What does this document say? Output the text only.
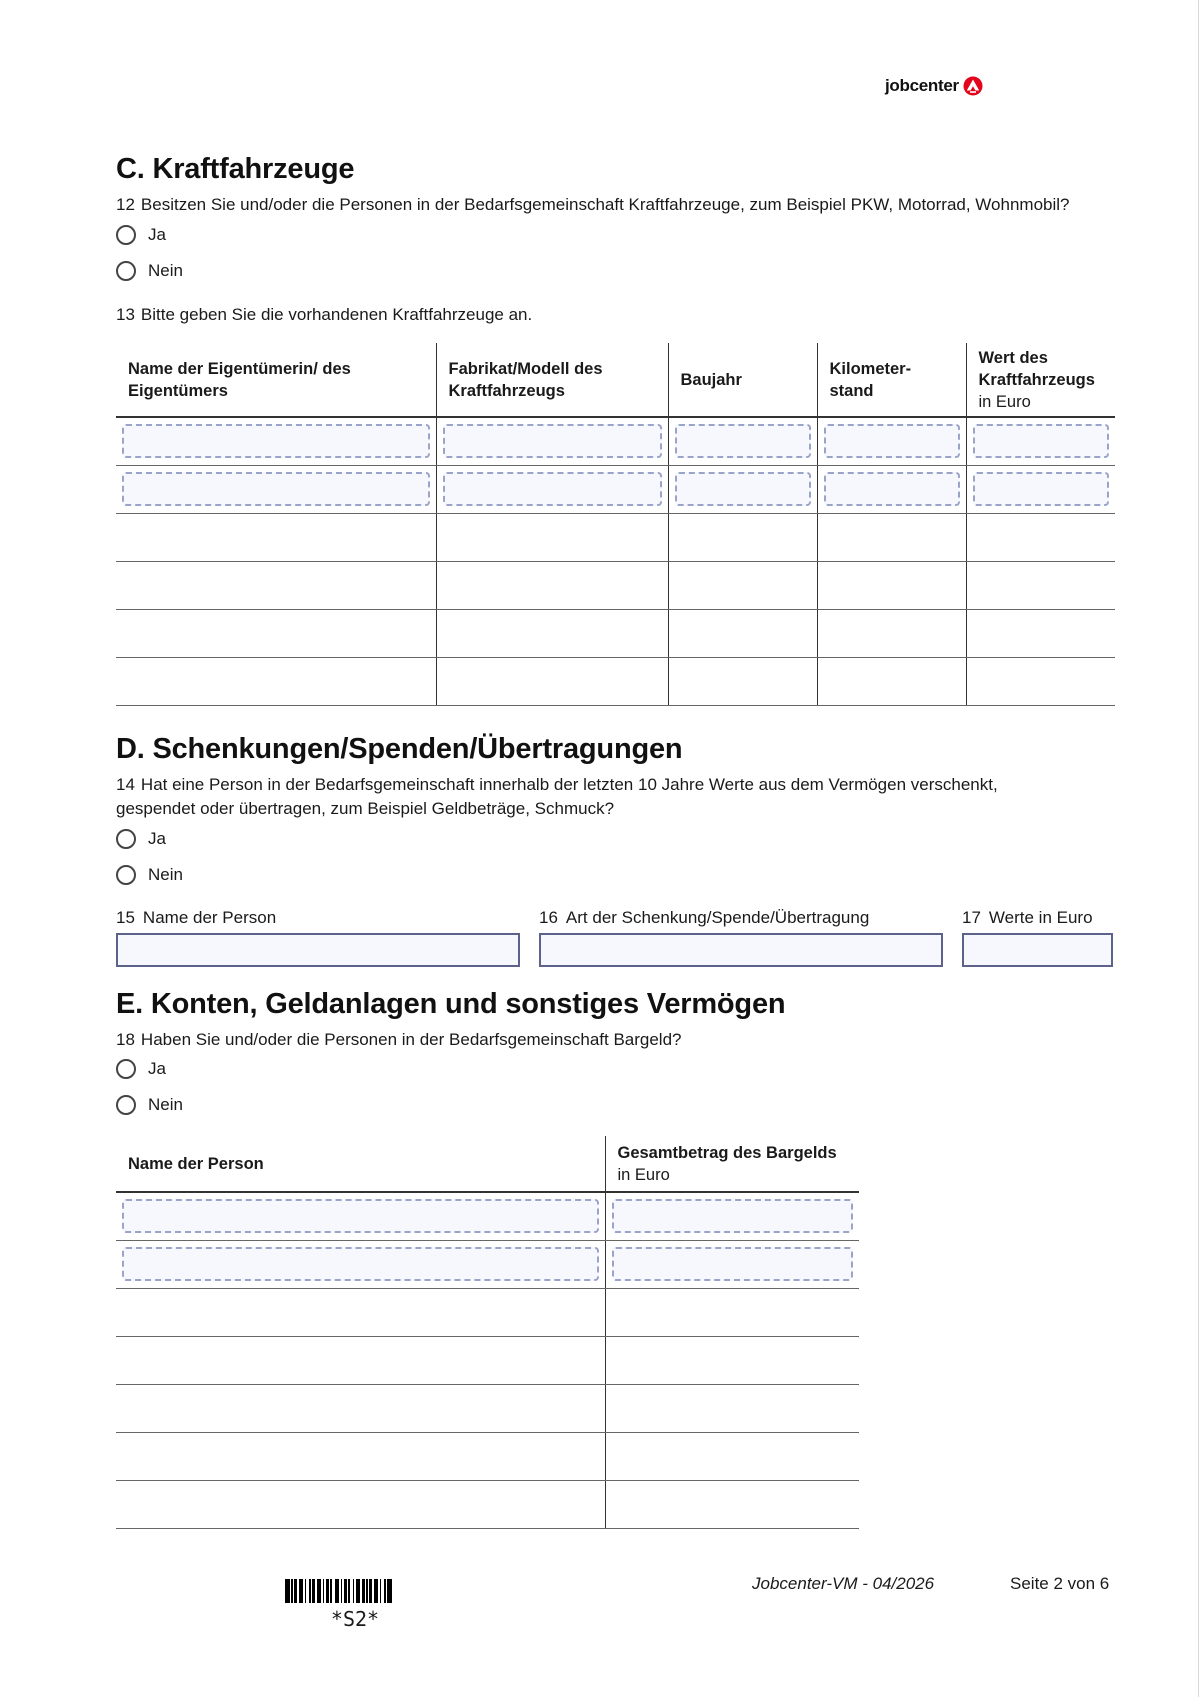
jobcenter
C. Kraftfahrzeuge
12 Besitzen Sie und/oder die Personen in der Bedarfsgemeinschaft Kraftfahrzeuge, zum Beispiel PKW, Motorrad, Wohnmobil?
Ja
Nein
13 Bitte geben Sie die vorhandenen Kraftfahrzeuge an.
Name der Eigentümerin/ des Eigentümers	Fabrikat/Modell des Kraftfahrzeugs	Baujahr	Kilometer-stand	Wert des Kraftfahrzeugs
in Euro

D. Schenkungen/Spenden/Übertragungen
14 Hat eine Person in der Bedarfsgemeinschaft innerhalb der letzten 10 Jahre Werte aus dem Vermögen verschenkt, gespendet oder übertragen, zum Beispiel Geldbeträge, Schmuck?
Ja
Nein
15 Name der Person	16 Art der Schenkung/Spende/Übertragung	17 Werte in Euro
E. Konten, Geldanlagen und sonstiges Vermögen
18 Haben Sie und/oder die Personen in der Bedarfsgemeinschaft Bargeld?
Ja
Nein
Name der Person	Gesamtbetrag des Bargelds
in Euro

*S2*
Jobcenter-VM - 04/2026	Seite 2 von 6
